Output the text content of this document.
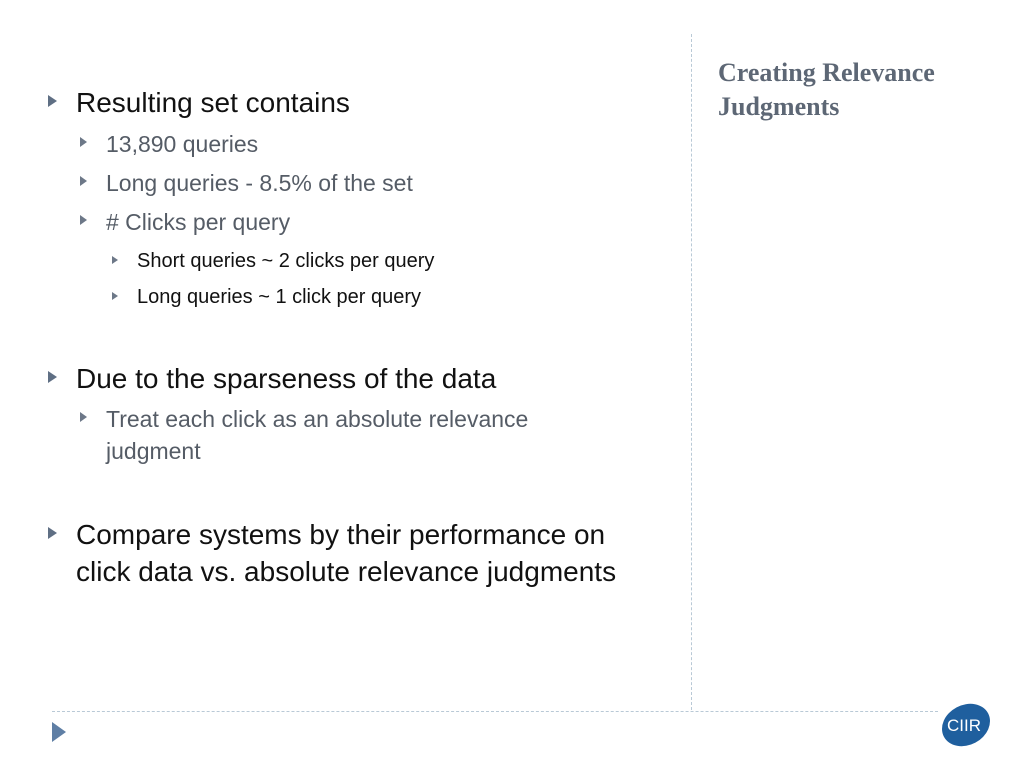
Creating Relevance Judgments
Resulting set contains
13,890 queries
Long queries - 8.5% of the set
# Clicks per query
Short queries ~ 2 clicks per query
Long queries ~ 1 click per query
Due to the sparseness of the data
Treat each click as an absolute relevance judgment
Compare systems by their performance on click data vs. absolute relevance judgments
CIIR
